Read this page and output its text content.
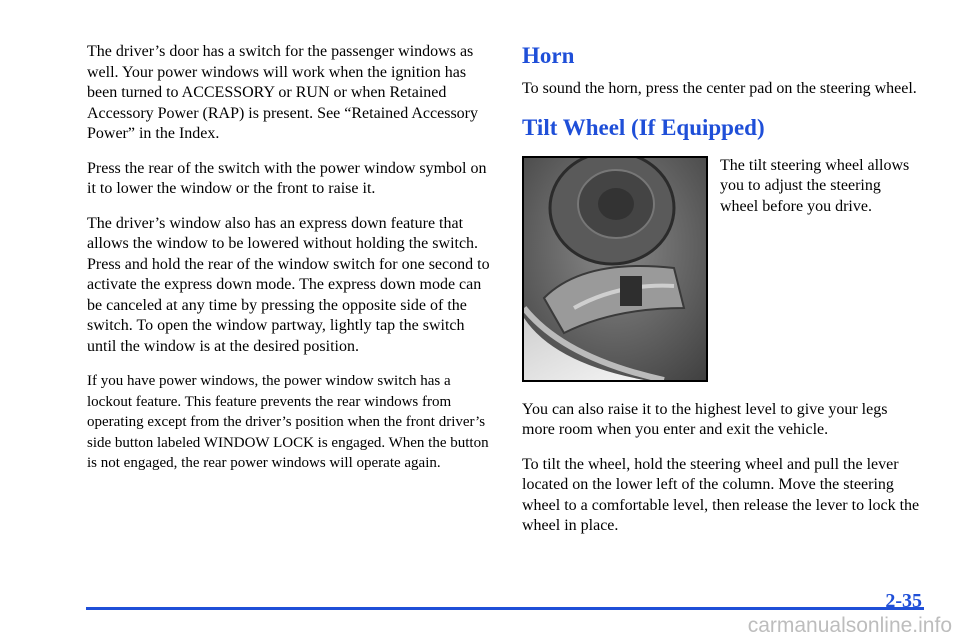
The driver’s door has a switch for the passenger windows as well. Your power windows will work when the ignition has been turned to ACCESSORY or RUN or when Retained Accessory Power (RAP) is present. See “Retained Accessory Power” in the Index.

Press the rear of the switch with the power window symbol on it to lower the window or the front to raise it.

The driver’s window also has an express down feature that allows the window to be lowered without holding the switch. Press and hold the rear of the window switch for one second to activate the express down mode. The express down mode can be canceled at any time by pressing the opposite side of the switch. To open the window partway, lightly tap the switch until the window is at the desired position.

If you have power windows, the power window switch has a lockout feature. This feature prevents the rear windows from operating except from the driver’s position when the front driver’s side button labeled WINDOW LOCK is engaged. When the button is not engaged, the rear power windows will operate again.

Horn

To sound the horn, press the center pad on the steering wheel.

Tilt Wheel (If Equipped)

The tilt steering wheel allows you to adjust the steering wheel before you drive.

You can also raise it to the highest level to give your legs more room when you enter and exit the vehicle.

To tilt the wheel, hold the steering wheel and pull the lever located on the lower left of the column. Move the steering wheel to a comfortable level, then release the lever to lock the wheel in place.

2-35
carmanualsonline.info
